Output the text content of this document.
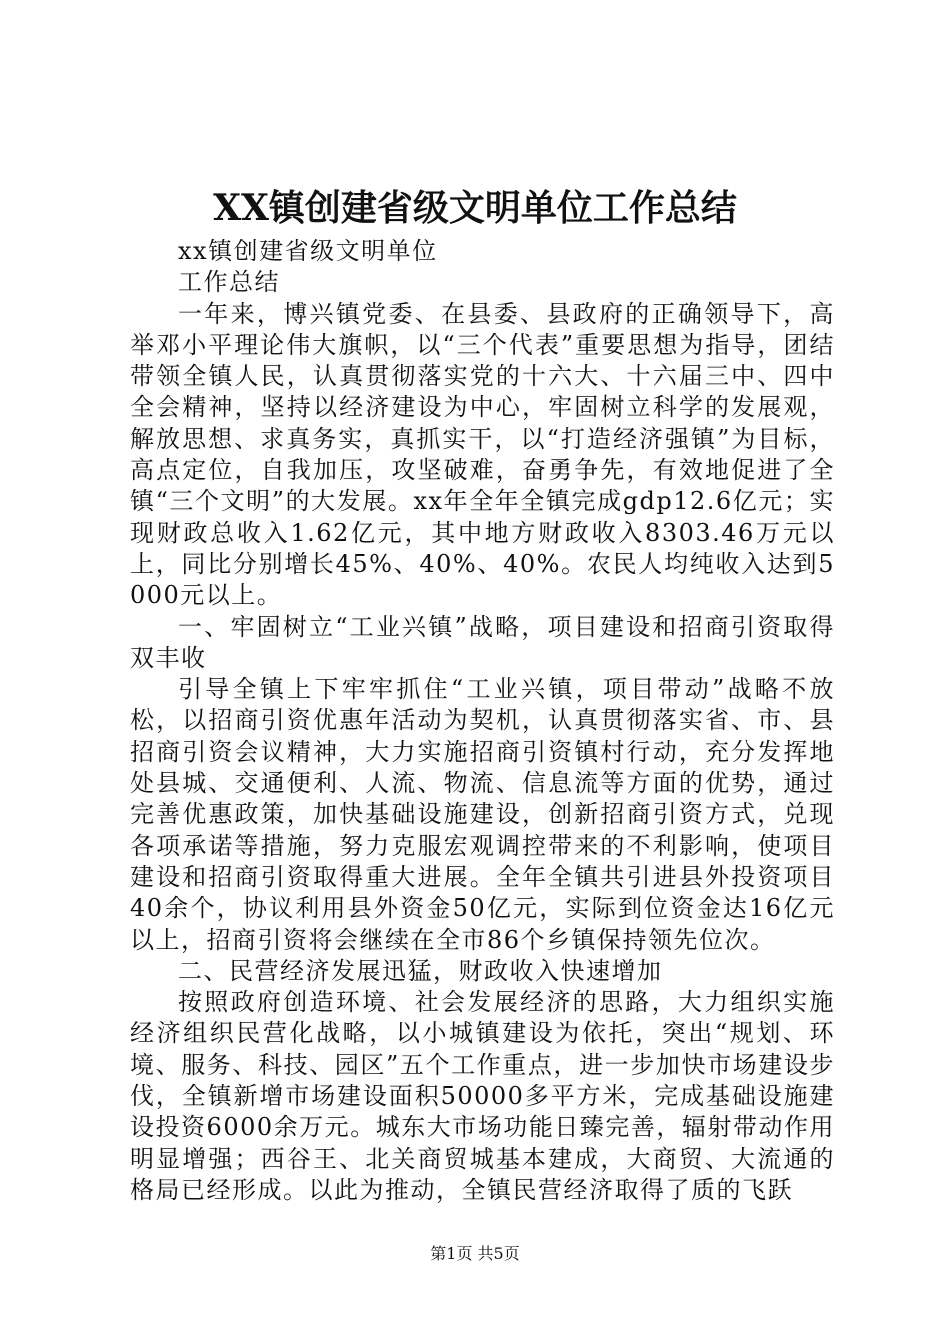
XX镇创建省级文明单位工作总结

xx镇创建省级文明单位

工作总结

一年来，博兴镇党委、在县委、县政府的正确领导下，高举邓小平理论伟大旗帜，以“三个代表”重要思想为指导，团结带领全镇人民，认真贯彻落实党的十六大、十六届三中、四中全会精神，坚持以经济建设为中心，牢固树立科学的发展观，解放思想、求真务实，真抓实干，以“打造经济强镇”为目标，高点定位，自我加压，攻坚破难，奋勇争先，有效地促进了全镇“三个文明”的大发展。xx年全年全镇完成gdp12.6亿元；实现财政总收入1.62亿元，其中地方财政收入8303.46万元以上，同比分别增长45%、40%、40%。农民人均纯收入达到5000元以上。

一、牢固树立“工业兴镇”战略，项目建设和招商引资取得双丰收

引导全镇上下牢牢抓住“工业兴镇，项目带动”战略不放松，以招商引资优惠年活动为契机，认真贯彻落实省、市、县招商引资会议精神，大力实施招商引资镇村行动，充分发挥地处县城、交通便利、人流、物流、信息流等方面的优势，通过完善优惠政策，加快基础设施建设，创新招商引资方式，兑现各项承诺等措施，努力克服宏观调控带来的不利影响，使项目建设和招商引资取得重大进展。全年全镇共引进县外投资项目40余个，协议利用县外资金50亿元，实际到位资金达16亿元以上，招商引资将会继续在全市86个乡镇保持领先位次。

二、民营经济发展迅猛，财政收入快速增加

按照政府创造环境、社会发展经济的思路，大力组织实施经济组织民营化战略，以小城镇建设为依托，突出“规划、环境、服务、科技、园区”五个工作重点，进一步加快市场建设步伐，全镇新增市场建设面积50000多平方米，完成基础设施建设投资6000余万元。城东大市场功能日臻完善，辐射带动作用明显增强；西谷王、北关商贸城基本建成，大商贸、大流通的格局已经形成。以此为推动，全镇民营经济取得了质的飞跃

第1页 共5页
